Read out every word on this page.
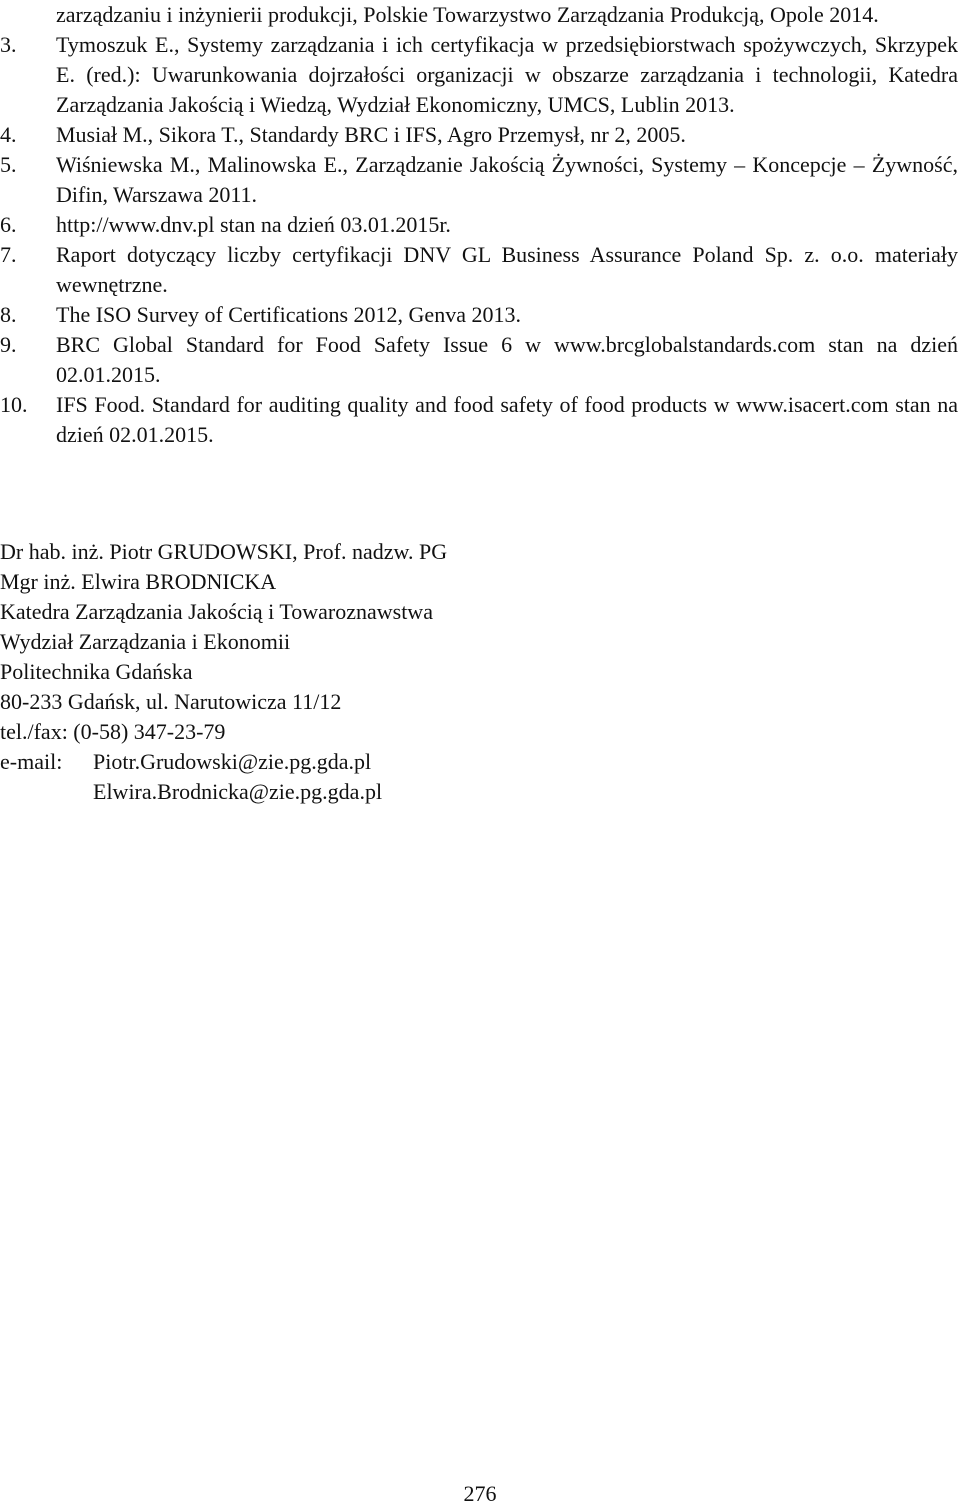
zarządzaniu i inżynierii produkcji, Polskie Towarzystwo Zarządzania Produkcją, Opole 2014.
3. Tymoszuk E., Systemy zarządzania i ich certyfikacja w przedsiębiorstwach spożywczych, Skrzypek E. (red.): Uwarunkowania dojrzałości organizacji w obszarze zarządzania i technologii, Katedra Zarządzania Jakością i Wiedzą, Wydział Ekonomiczny, UMCS, Lublin 2013.
4. Musiał M., Sikora T., Standardy BRC i IFS, Agro Przemysł, nr 2, 2005.
5. Wiśniewska M., Malinowska E., Zarządzanie Jakością Żywności, Systemy – Koncepcje – Żywność, Difin, Warszawa 2011.
6. http://www.dnv.pl stan na dzień 03.01.2015r.
7. Raport dotyczący liczby certyfikacji DNV GL Business Assurance Poland Sp. z. o.o. materiały wewnętrzne.
8. The ISO Survey of Certifications 2012, Genva 2013.
9. BRC Global Standard for Food Safety Issue 6 w www.brcglobalstandards.com stan na dzień 02.01.2015.
10. IFS Food. Standard for auditing quality and food safety of food products w www.isacert.com stan na dzień 02.01.2015.
Dr hab. inż. Piotr GRUDOWSKI, Prof. nadzw. PG
Mgr inż. Elwira BRODNICKA
Katedra Zarządzania Jakością i Towaroznawstwa
Wydział Zarządzania i Ekonomii
Politechnika Gdańska
80-233 Gdańsk, ul. Narutowicza 11/12
tel./fax: (0-58) 347-23-79
e-mail: Piotr.Grudowski@zie.pg.gda.pl
Elwira.Brodnicka@zie.pg.gda.pl
276
